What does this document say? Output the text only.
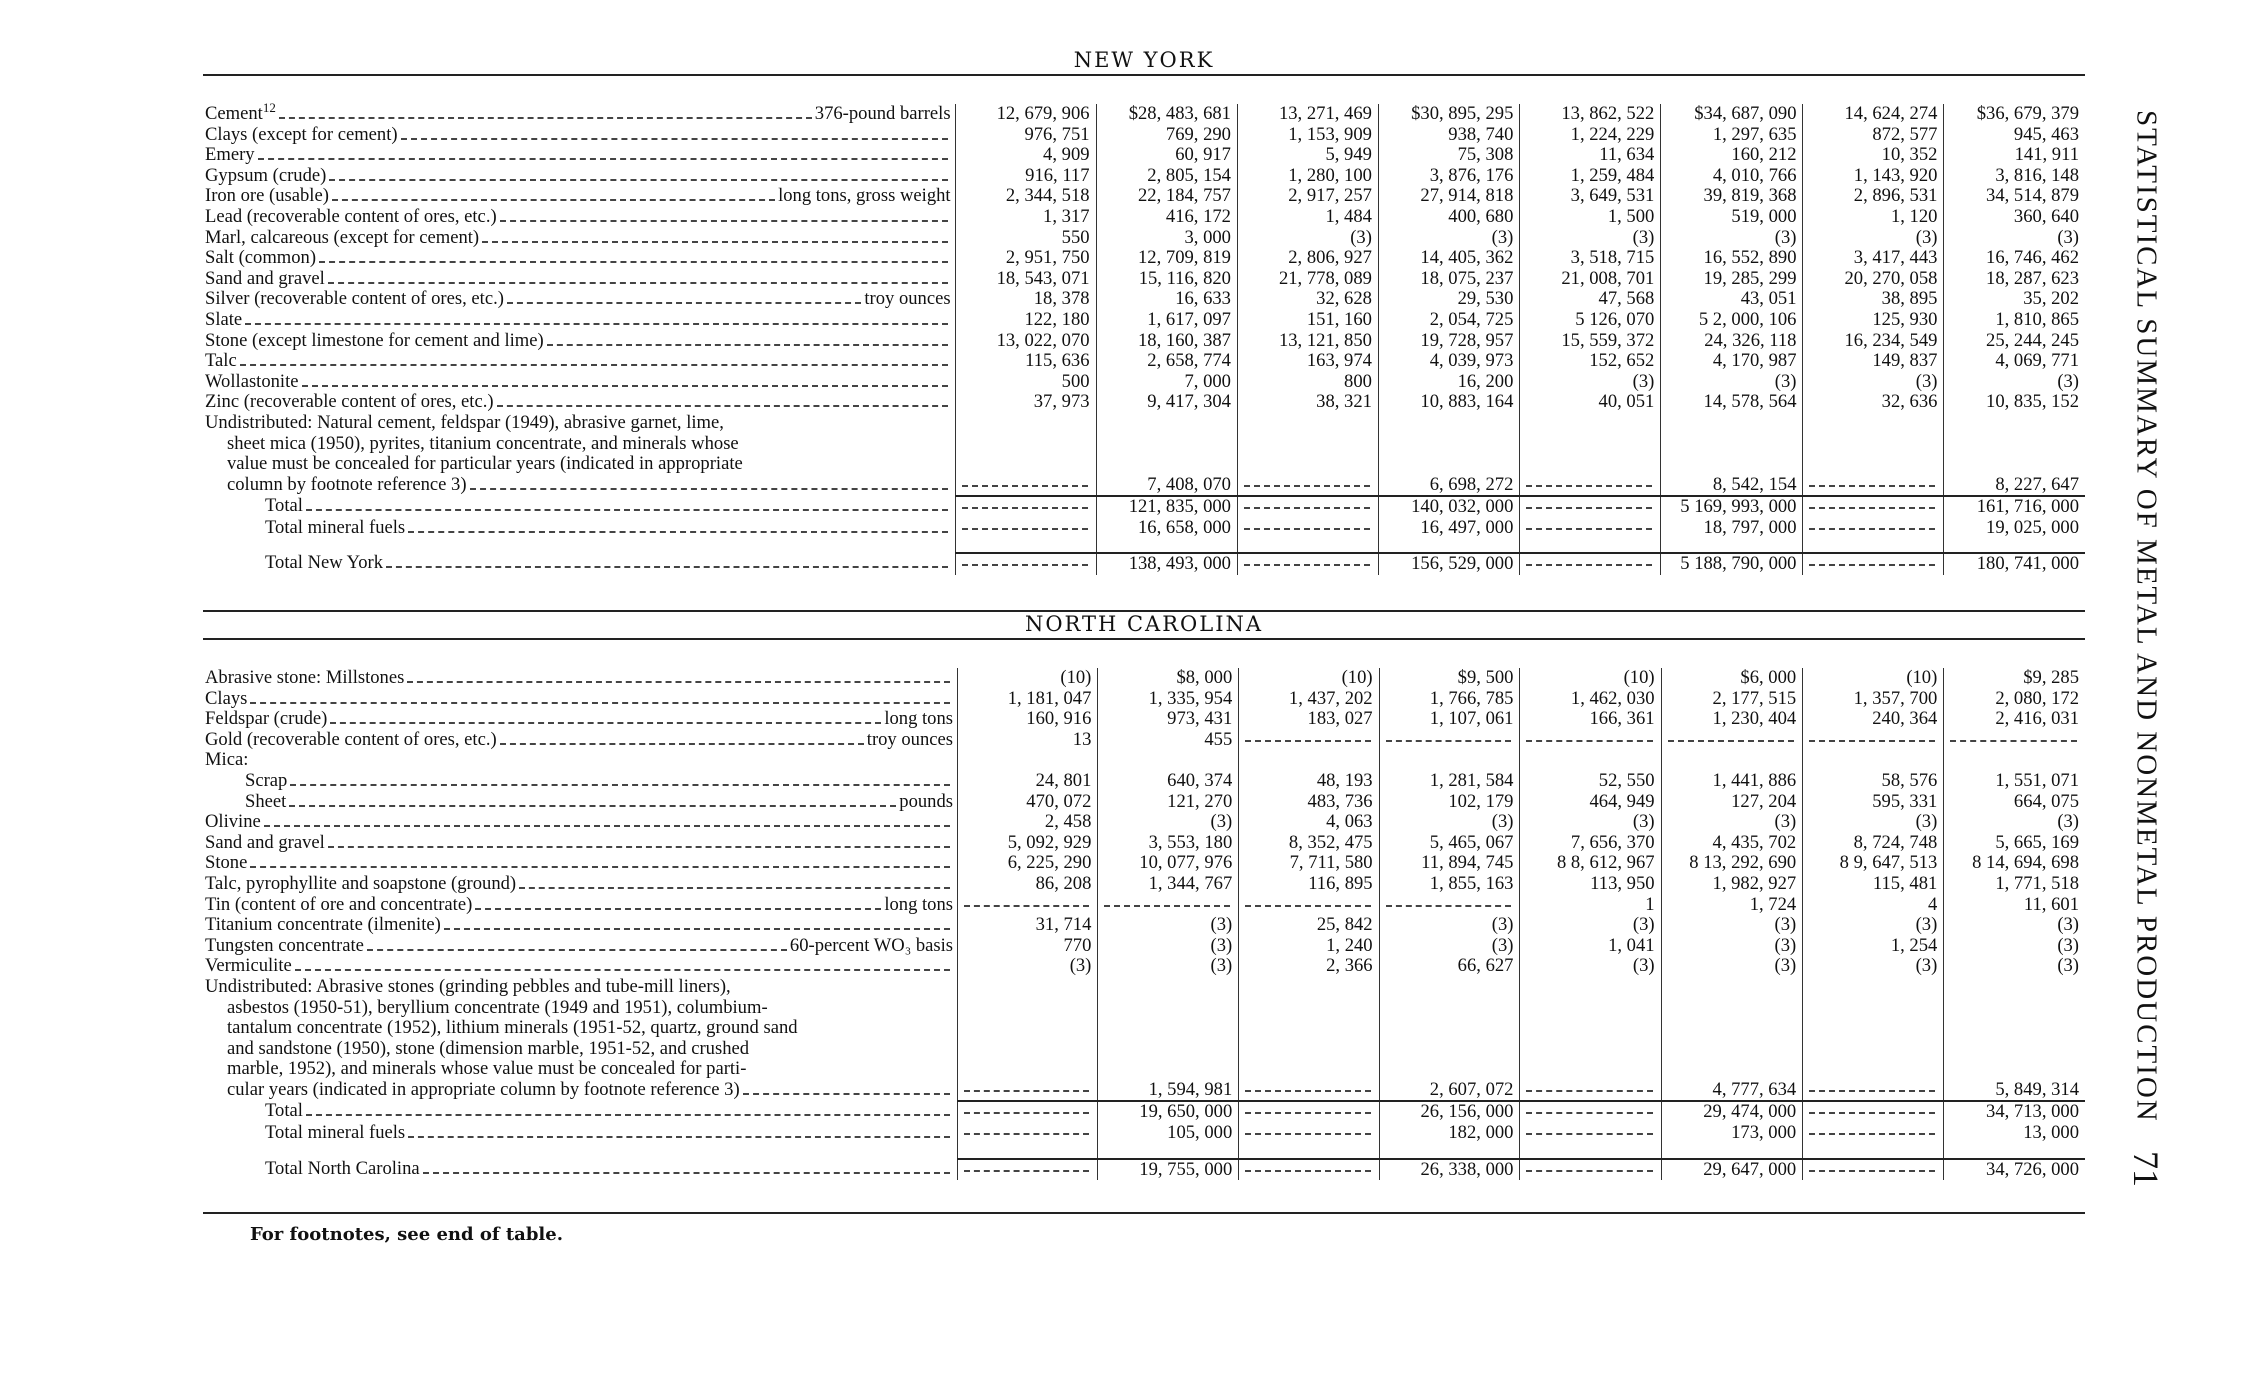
NEW YORK
Cement$^{12}$ 376-pound barrels	12, 679, 906	$28, 483, 681	13, 271, 469	$30, 895, 295	13, 862, 522	$34, 687, 090	14, 624, 274	$36, 679, 379

Clays (except for cement)	976, 751	769, 290	1, 153, 909	938, 740	1, 224, 229	1, 297, 635	872, 577	945, 463

Emery	4, 909	60, 917	5, 949	75, 308	11, 634	160, 212	10, 352	141, 911

Gypsum (crude)	916, 117	2, 805, 154	1, 280, 100	3, 876, 176	1, 259, 484	4, 010, 766	1, 143, 920	3, 816, 148

Iron ore (usable) long tons, gross weight	2, 344, 518	22, 184, 757	2, 917, 257	27, 914, 818	3, 649, 531	39, 819, 368	2, 896, 531	34, 514, 879

Lead (recoverable content of ores, etc.)	1, 317	416, 172	1, 484	400, 680	1, 500	519, 000	1, 120	360, 640

Marl, calcareous (except for cement)	550	3, 000	(3)	(3)	(3)	(3)	(3)	(3)

Salt (common)	2, 951, 750	12, 709, 819	2, 806, 927	14, 405, 362	3, 518, 715	16, 552, 890	3, 417, 443	16, 746, 462

Sand and gravel	18, 543, 071	15, 116, 820	21, 778, 089	18, 075, 237	21, 008, 701	19, 285, 299	20, 270, 058	18, 287, 623

Silver (recoverable content of ores, etc.) troy ounces	18, 378	16, 633	32, 628	29, 530	47, 568	43, 051	38, 895	35, 202

Slate	122, 180	1, 617, 097	151, 160	2, 054, 725	5 126, 070	5 2, 000, 106	125, 930	1, 810, 865

Stone (except limestone for cement and lime)	13, 022, 070	18, 160, 387	13, 121, 850	19, 728, 957	15, 559, 372	24, 326, 118	16, 234, 549	25, 244, 245

Talc	115, 636	2, 658, 774	163, 974	4, 039, 973	152, 652	4, 170, 987	149, 837	4, 069, 771

Wollastonite	500	7, 000	800	16, 200	(3)	(3)	(3)	(3)

Zinc (recoverable content of ores, etc.)	37, 973	9, 417, 304	38, 321	10, 883, 164	40, 051	14, 578, 564	32, 636	10, 835, 152
Undistributed: Natural cement, feldspar (1949), abrasive garnet, lime,								
sheet mica (1950), pyrites, titanium concentrate, and minerals whose								
value must be concealed for particular years (indicated in appropriate								

column by footnote reference 3)		7, 408, 070		6, 698, 272		8, 542, 154		8, 227, 647

Total		121, 835, 000		140, 032, 000		5 169, 993, 000		161, 716, 000

Total mineral fuels		16, 658, 000		16, 497, 000		18, 797, 000		19, 025, 000

Total New York		138, 493, 000		156, 529, 000		5 188, 790, 000		180, 741, 000
NORTH CAROLINA
Abrasive stone: Millstones	(10)	$8, 000	(10)	$9, 500	(10)	$6, 000	(10)	$9, 285

Clays	1, 181, 047	1, 335, 954	1, 437, 202	1, 766, 785	1, 462, 030	2, 177, 515	1, 357, 700	2, 080, 172

Feldspar (crude) long tons	160, 916	973, 431	183, 027	1, 107, 061	166, 361	1, 230, 404	240, 364	2, 416, 031

Gold (recoverable content of ores, etc.) troy ounces	13	455	

Mica:								

Scrap	24, 801	640, 374	48, 193	1, 281, 584	52, 550	1, 441, 886	58, 576	1, 551, 071

Sheet pounds	470, 072	121, 270	483, 736	102, 179	464, 949	127, 204	595, 331	664, 075

Olivine	2, 458	(3)	4, 063	(3)	(3)	(3)	(3)	(3)

Sand and gravel	5, 092, 929	3, 553, 180	8, 352, 475	5, 465, 067	7, 656, 370	4, 435, 702	8, 724, 748	5, 665, 169

Stone	6, 225, 290	10, 077, 976	7, 711, 580	11, 894, 745	8 8, 612, 967	8 13, 292, 690	8 9, 647, 513	8 14, 694, 698

Talc, pyrophyllite and soapstone (ground)	86, 208	1, 344, 767	116, 895	1, 855, 163	113, 950	1, 982, 927	115, 481	1, 771, 518

Tin (content of ore and concentrate) long tons					1	1, 724	4	11, 601

Titanium concentrate (ilmenite)	31, 714	(3)	25, 842	(3)	(3)	(3)	(3)	(3)

Tungsten concentrate 60-percent WO₃ basis	770	(3)	1, 240	(3)	1, 041	(3)	1, 254	(3)

Vermiculite	(3)	(3)	2, 366	66, 627	(3)	(3)	(3)	(3)
Undistributed: Abrasive stones (grinding pebbles and tube-mill liners),								
asbestos (1950-51), beryllium concentrate (1949 and 1951), columbium-								
tantalum concentrate (1952), lithium minerals (1951-52, quartz, ground sand								
and sandstone (1950), stone (dimension marble, 1951-52, and crushed								
marble, 1952), and minerals whose value must be concealed for parti-								

cular years (indicated in appropriate column by footnote reference 3)		1, 594, 981		2, 607, 072		4, 777, 634		5, 849, 314

Total		19, 650, 000		26, 156, 000		29, 474, 000		34, 713, 000

Total mineral fuels		105, 000		182, 000		173, 000		13, 000

Total North Carolina		19, 755, 000		26, 338, 000		29, 647, 000		34, 726, 000
For footnotes, see end of table.
STATISTICAL SUMMARY OF METAL AND NONMETAL PRODUCTION
71
